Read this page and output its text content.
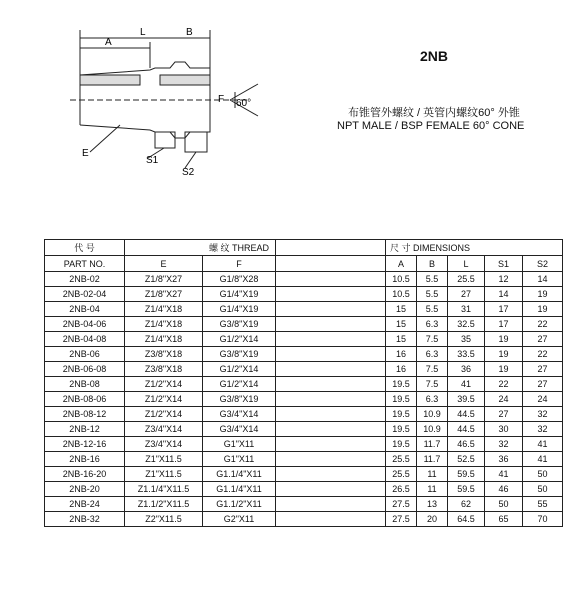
A
L	B
F
E
S1
S2
60°
2NB
布锥管外螺纹 / 英管内螺纹60° 外锥
NPT MALE / BSP FEMALE 60° CONE
代 号	螺 纹 THREAD			尺 寸 DIMENSIONS				
PART NO.	E	F		A	B	L	S1	S2
2NB-02	Z1/8"X27	G1/8"X28		10.5	5.5	25.5	12	14
2NB-02-04	Z1/8"X27	G1/4"X19		10.5	5.5	27	14	19
2NB-04	Z1/4"X18	G1/4"X19		15	5.5	31	17	19
2NB-04-06	Z1/4"X18	G3/8"X19		15	6.3	32.5	17	22
2NB-04-08	Z1/4"X18	G1/2"X14		15	7.5	35	19	27
2NB-06	Z3/8"X18	G3/8"X19		16	6.3	33.5	19	22
2NB-06-08	Z3/8"X18	G1/2"X14		16	7.5	36	19	27
2NB-08	Z1/2"X14	G1/2"X14		19.5	7.5	41	22	27
2NB-08-06	Z1/2"X14	G3/8"X19		19.5	6.3	39.5	24	24
2NB-08-12	Z1/2"X14	G3/4"X14		19.5	10.9	44.5	27	32
2NB-12	Z3/4"X14	G3/4"X14		19.5	10.9	44.5	30	32
2NB-12-16	Z3/4"X14	G1"X11		19.5	11.7	46.5	32	41
2NB-16	Z1"X11.5	G1"X11		25.5	11.7	52.5	36	41
2NB-16-20	Z1"X11.5	G1.1/4"X11		25.5	11	59.5	41	50
2NB-20	Z1.1/4"X11.5	G1.1/4"X11		26.5	11	59.5	46	50
2NB-24	Z1.1/2"X11.5	G1.1/2"X11		27.5	13	62	50	55
2NB-32	Z2"X11.5	G2"X11		27.5	20	64.5	65	70
